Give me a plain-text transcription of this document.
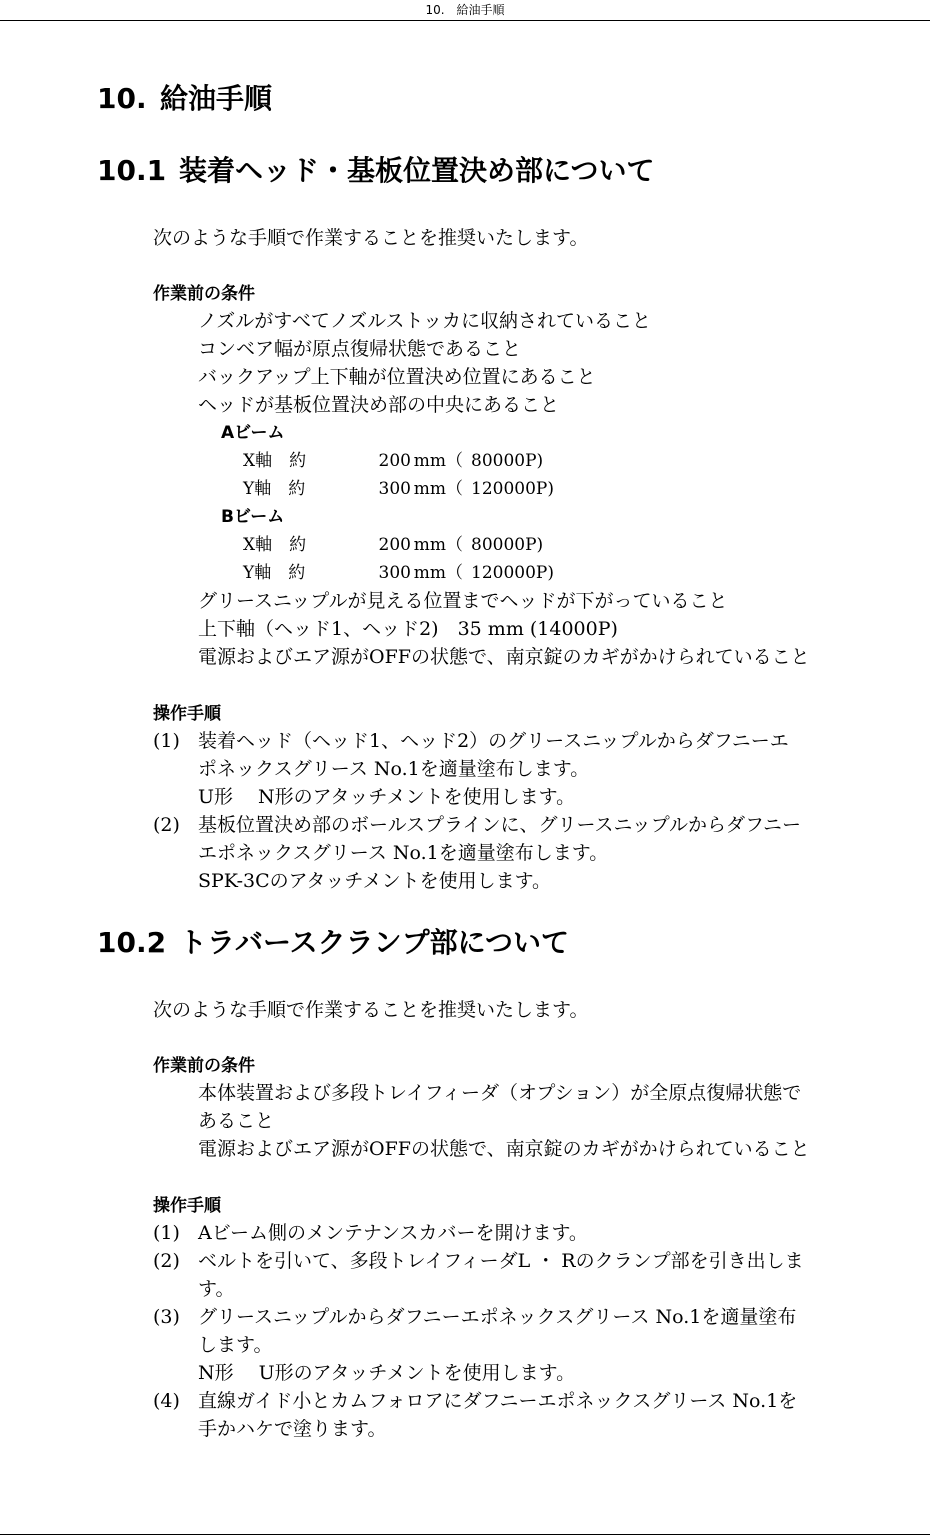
10.　給油手順
10. 給油手順
10.1 装着ヘッド・基板位置決め部について
次のような手順で作業することを推奨いたします。
作業前の条件
ノズルがすべてノズルストッカに収納されていること
コンベア幅が原点復帰状態であること
バックアップ上下軸が位置決め位置にあること
ヘッドが基板位置決め部の中央にあること
Aビーム
X軸　約	200 mm（ 80000P)
Y軸　約	300 mm（ 120000P)
Bビーム
X軸　約	200 mm（ 80000P)
Y軸　約	300 mm（ 120000P)
グリースニップルが見える位置までヘッドが下がっていること
上下軸（ヘッド1、ヘッド2)　35 mm (14000P)
電源およびエア源がOFFの状態で、南京錠のカギがかけられていること
操作手順
(1) 装着ヘッド（ヘッド1、ヘッド2）のグリースニップルからダフニーエ
ポネックスグリース No.1を適量塗布します。
U形　 N形のアタッチメントを使用します。
(2) 基板位置決め部のボールスプラインに、グリースニップルからダフニー
エポネックスグリース No.1を適量塗布します。
SPK-3Cのアタッチメントを使用します。
10.2 トラバースクランプ部について
次のような手順で作業することを推奨いたします。
作業前の条件
本体装置および多段トレイフィーダ（オプション）が全原点復帰状態で
あること
電源およびエア源がOFFの状態で、南京錠のカギがかけられていること
操作手順
(1) Aビーム側のメンテナンスカバーを開けます。
(2) ベルトを引いて、多段トレイフィーダL ・ Rのクランプ部を引き出しま
す。
(3) グリースニップルからダフニーエポネックスグリース No.1を適量塗布
します。
N形　 U形のアタッチメントを使用します。
(4) 直線ガイド小とカムフォロアにダフニーエポネックスグリース No.1を
手かハケで塗ります。
